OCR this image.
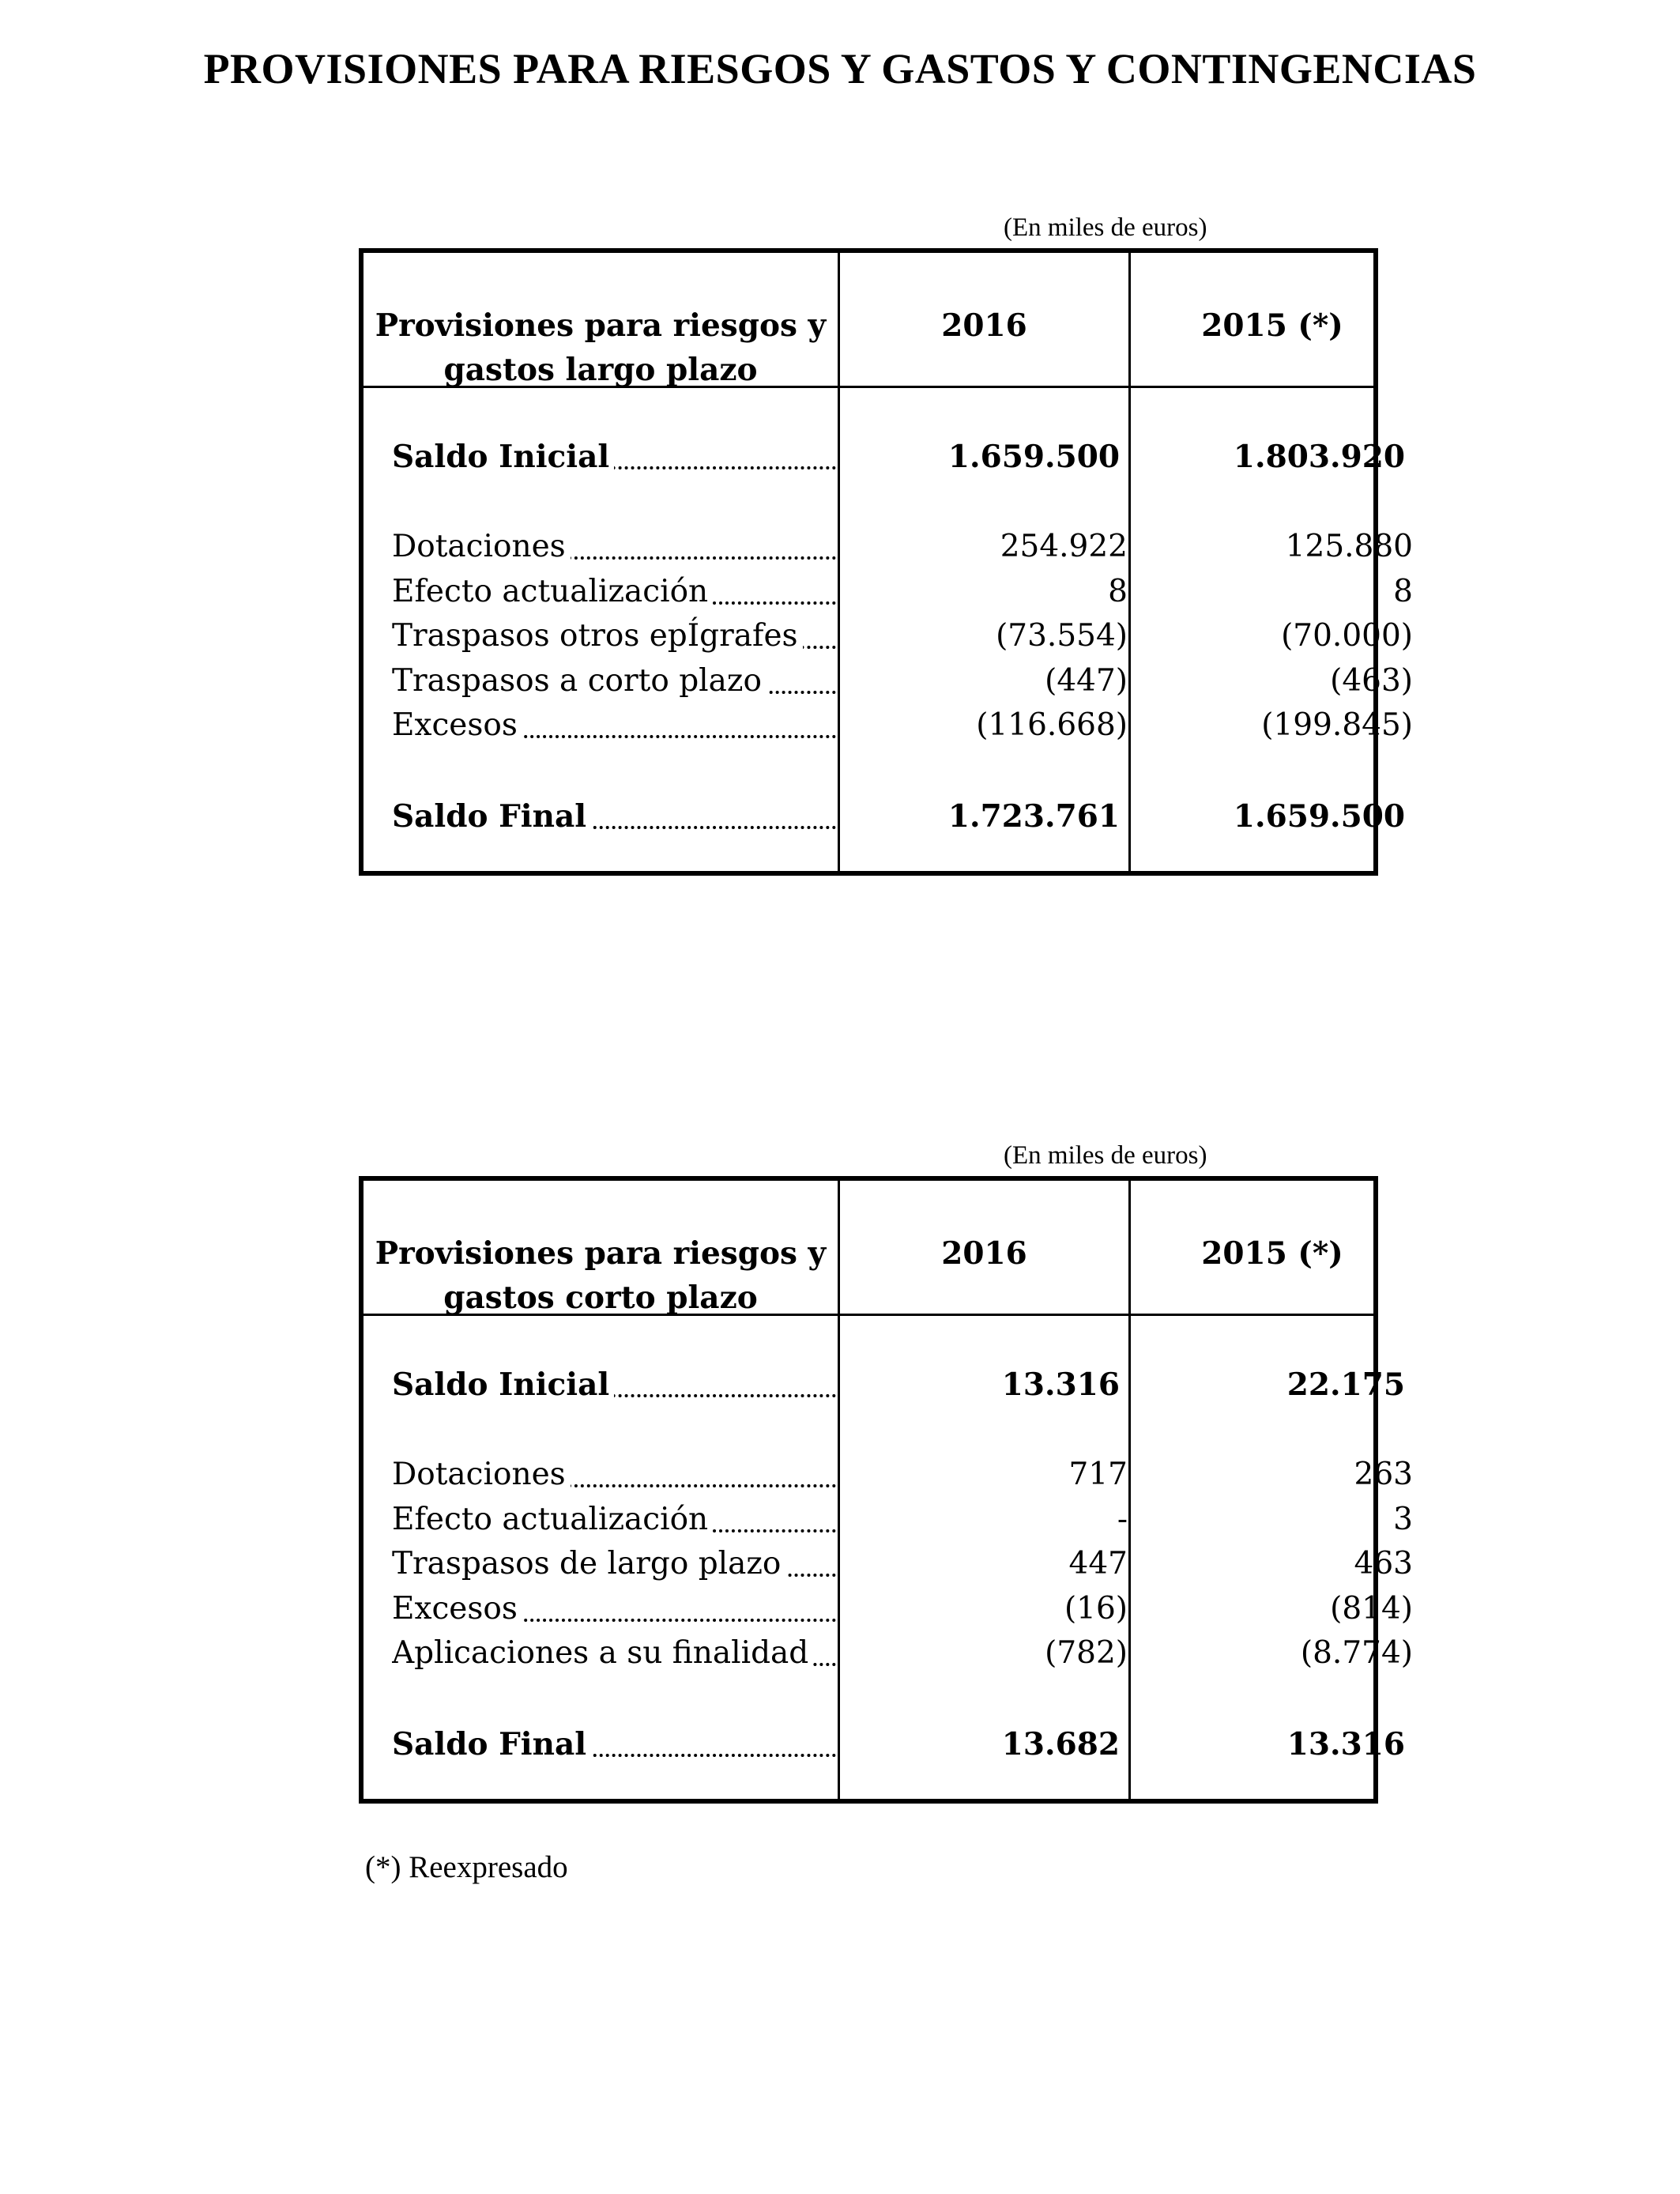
PROVISIONES PARA RIESGOS Y GASTOS Y CONTINGENCIAS
(En miles de euros)
Provisiones para riesgos y
gastos largo plazo
2016	2015 (*)
Saldo Inicial	1.659.500	1.803.920
Dotaciones	254.922	125.880
Efecto actualización	8	8
Traspasos otros epÍgrafes	(73.554)	(70.000)
Traspasos a corto plazo	(447)	(463)
Excesos	(116.668)	(199.845)
Saldo Final	1.723.761	1.659.500
(En miles de euros)
Provisiones para riesgos y
gastos corto plazo
2016	2015 (*)
Saldo Inicial	13.316	22.175
Dotaciones	717	263
Efecto actualización	-	3
Traspasos de largo plazo	447	463
Excesos	(16)	(814)
Aplicaciones a su finalidad	(782)	(8.774)
Saldo Final	13.682	13.316
(*) Reexpresado
